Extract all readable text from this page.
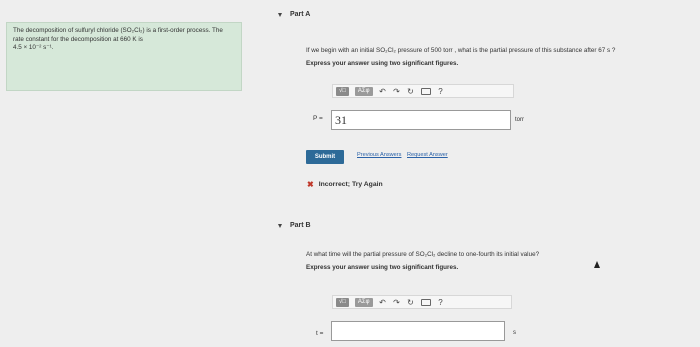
The decomposition of sulfuryl chloride (SO₂Cl₂) is a first-order process. The rate constant for the decomposition at 660 K is
4.5 × 10⁻² s⁻¹.
Part A
If we begin with an initial SO₂Cl₂ pressure of 500 torr , what is the partial pressure of this substance after 67 s ?
Express your answer using two significant figures.
√□	ΑΣφ	↶ ↷ ↻	?
P =	31	torr
Submit	Previous Answers Request Answer
✖ Incorrect; Try Again
Part B
At what time will the partial pressure of SO₂Cl₂ decline to one-fourth its initial value?
Express your answer using two significant figures.
√□	ΑΣφ	↶ ↷ ↻	?
t =	s
